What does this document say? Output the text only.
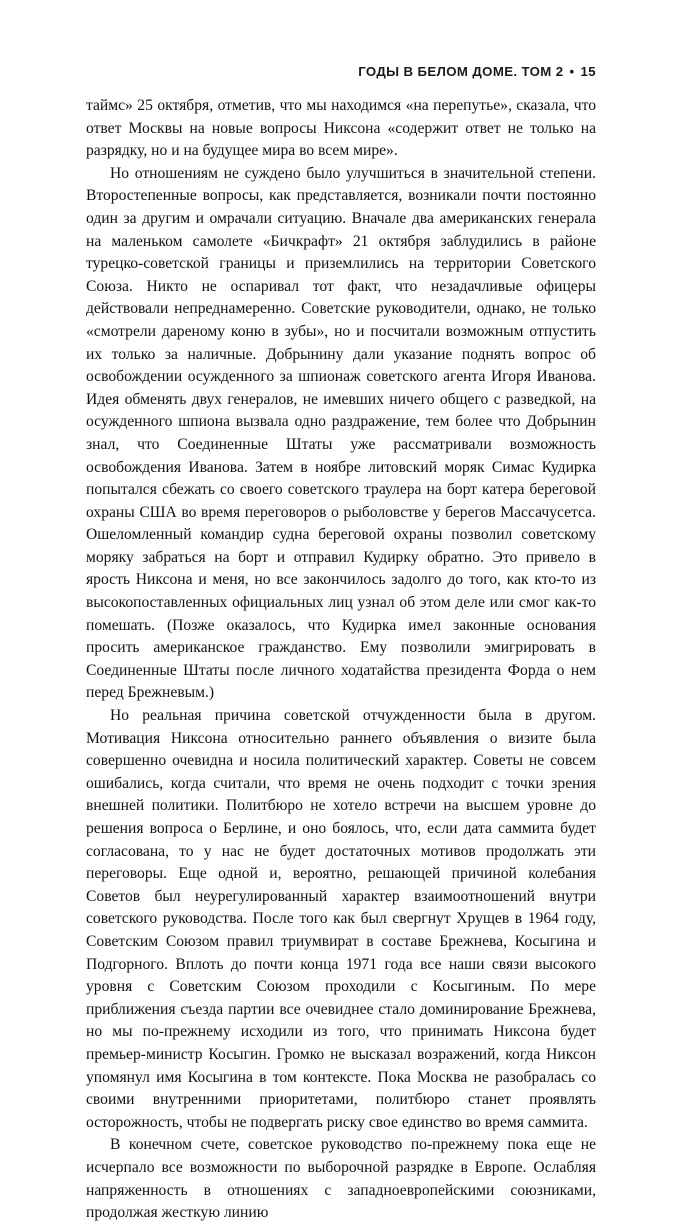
ГОДЫ В БЕЛОМ ДОМЕ. ТОМ 2 • 15

таймс» 25 октября, отметив, что мы находимся «на перепутье», сказала, что ответ Москвы на новые вопросы Никсона «содержит ответ не только на разрядку, но и на будущее мира во всем мире».

Но отношениям не суждено было улучшиться в значительной степени. Второстепенные вопросы, как представляется, возникали почти постоянно один за другим и омрачали ситуацию. Вначале два американских генерала на маленьком самолете «Бичкрафт» 21 октября заблудились в районе турецко-советской границы и приземлились на территории Советского Союза. Никто не оспаривал тот факт, что незадачливые офицеры действовали непреднамеренно. Советские руководители, однако, не только «смотрели дареному коню в зубы», но и посчитали возможным отпустить их только за наличные. Добрынину дали указание поднять вопрос об освобождении осужденного за шпионаж советского агента Игоря Иванова. Идея обменять двух генералов, не имевших ничего общего с разведкой, на осужденного шпиона вызвала одно раздражение, тем более что Добрынин знал, что Соединенные Штаты уже рассматривали возможность освобождения Иванова. Затем в ноябре литовский моряк Симас Кудирка попытался сбежать со своего советского траулера на борт катера береговой охраны США во время переговоров о рыболовстве у берегов Массачусетса. Ошеломленный командир судна береговой охраны позволил советскому моряку забраться на борт и отправил Кудирку обратно. Это привело в ярость Никсона и меня, но все закончилось задолго до того, как кто-то из высокопоставленных официальных лиц узнал об этом деле или смог как-то помешать. (Позже оказалось, что Кудирка имел законные основания просить американское гражданство. Ему позволили эмигрировать в Соединенные Штаты после личного ходатайства президента Форда о нем перед Брежневым.)

Но реальная причина советской отчужденности была в другом. Мотивация Никсона относительно раннего объявления о визите была совершенно очевидна и носила политический характер. Советы не совсем ошибались, когда считали, что время не очень подходит с точки зрения внешней политики. Политбюро не хотело встречи на высшем уровне до решения вопроса о Берлине, и оно боялось, что, если дата саммита будет согласована, то у нас не будет достаточных мотивов продолжать эти переговоры. Еще одной и, вероятно, решающей причиной колебания Советов был неурегулированный характер взаимоотношений внутри советского руководства. После того как был свергнут Хрущев в 1964 году, Советским Союзом правил триумвират в составе Брежнева, Косыгина и Подгорного. Вплоть до почти конца 1971 года все наши связи высокого уровня с Советским Союзом проходили с Косыгиным. По мере приближения съезда партии все очевиднее стало доминирование Брежнева, но мы по-прежнему исходили из того, что принимать Никсона будет премьер-министр Косыгин. Громко не высказал возражений, когда Никсон упомянул имя Косыгина в том контексте. Пока Москва не разобралась со своими внутренними приоритетами, политбюро станет проявлять осторожность, чтобы не подвергать риску свое единство во время саммита.

В конечном счете, советское руководство по-прежнему пока еще не исчерпало все возможности по выборочной разрядке в Европе. Ослабляя напряженность в отношениях с западноевропейскими союзниками, продолжая жесткую линию
